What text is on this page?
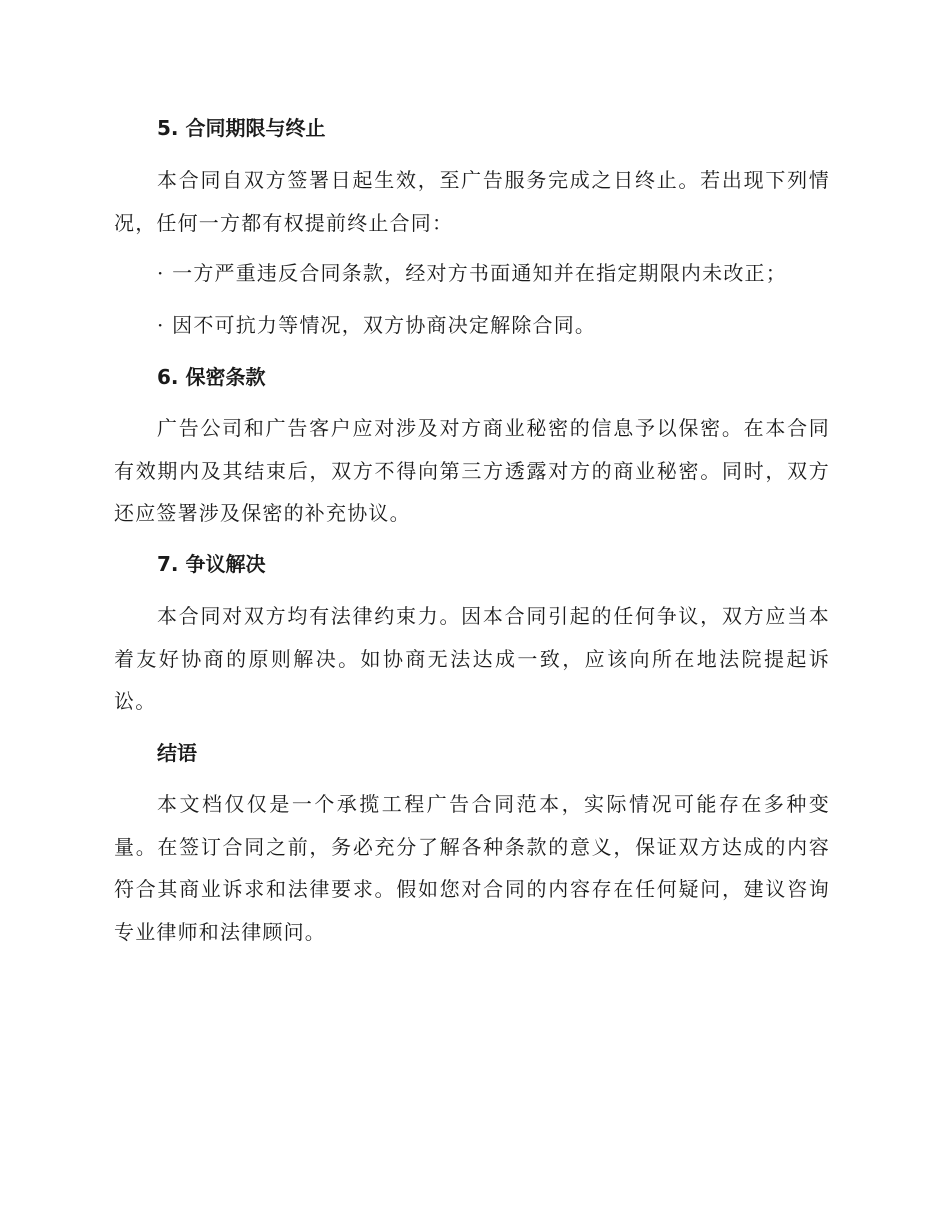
5. 合同期限与终止
本合同自双方签署日起生效，至广告服务完成之日终止。若出现下列情况，任何一方都有权提前终止合同：
· 一方严重违反合同条款，经对方书面通知并在指定期限内未改正；
· 因不可抗力等情况，双方协商决定解除合同。
6. 保密条款
广告公司和广告客户应对涉及对方商业秘密的信息予以保密。在本合同有效期内及其结束后，双方不得向第三方透露对方的商业秘密。同时，双方还应签署涉及保密的补充协议。
7. 争议解决
本合同对双方均有法律约束力。因本合同引起的任何争议，双方应当本着友好协商的原则解决。如协商无法达成一致，应该向所在地法院提起诉讼。
结语
本文档仅仅是一个承揽工程广告合同范本，实际情况可能存在多种变量。在签订合同之前，务必充分了解各种条款的意义，保证双方达成的内容符合其商业诉求和法律要求。假如您对合同的内容存在任何疑问，建议咨询专业律师和法律顾问。
